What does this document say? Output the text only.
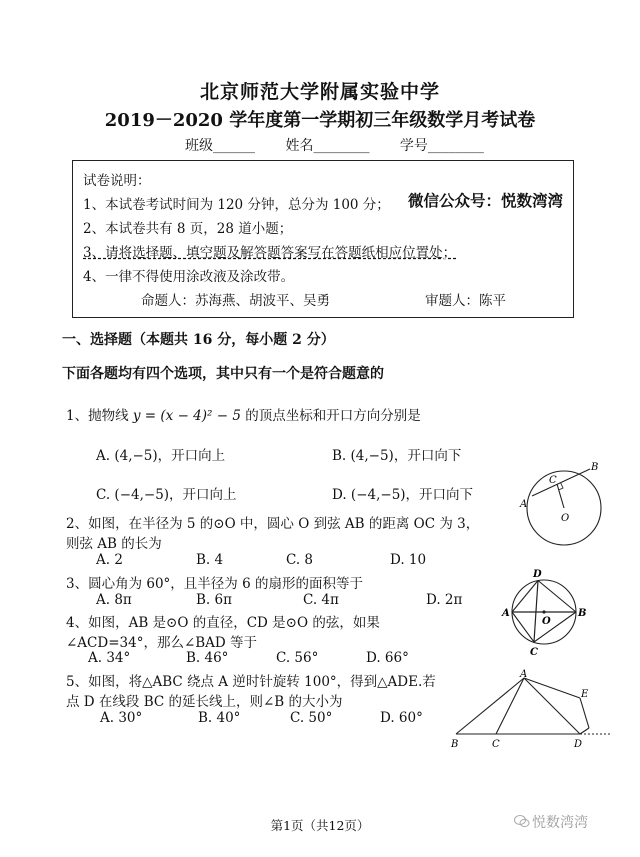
北京师范大学附属实验中学
2019－2020 学年度第一学期初三年级数学月考试卷
班级______ 姓名________ 学号________
试卷说明：
1、本试卷考试时间为 120 分钟，总分为 100 分；
2、本试卷共有 8 页，28 道小题；
3、请将选择题、填空题及解答题答案写在答题纸相应位置处；
4、一律不得使用涂改液及涂改带。
命题人：苏海燕、胡波平、吴勇	审题人：陈平
微信公众号：悦数湾湾
一、选择题（本题共 16 分，每小题 2 分）
下面各题均有四个选项，其中只有一个是符合题意的
1、抛物线 y = (x − 4)² − 5 的顶点坐标和开口方向分别是
A. (4,−5)，开口向上	B. (4,−5)，开口向下
C. (−4,−5)，开口向上	D. (−4,−5)，开口向下
2、如图，在半径为 5 的⊙O 中，圆心 O 到弦 AB 的距离 OC 为 3，
则弦 AB 的长为
A. 2	B. 4	C. 8	D. 10
3、圆心角为 60°，且半径为 6 的扇形的面积等于
A. 8π	B. 6π	C. 4π	D. 2π
4、如图，AB 是⊙O 的直径，CD 是⊙O 的弦，如果
∠ACD=34°，那么∠BAD 等于
A. 34°	B. 46°	C. 56°	D. 66°
5、如图，将△ABC 绕点 A 逆时针旋转 100°，得到△ADE.若
点 D 在线段 BC 的延长线上，则∠B 的大小为
A. 30°	B. 40°	C. 50°	D. 60°
A
B
C
O
A	B
C
D
O
A
B	C	D
E
第1页（共12页）	悦数湾湾
